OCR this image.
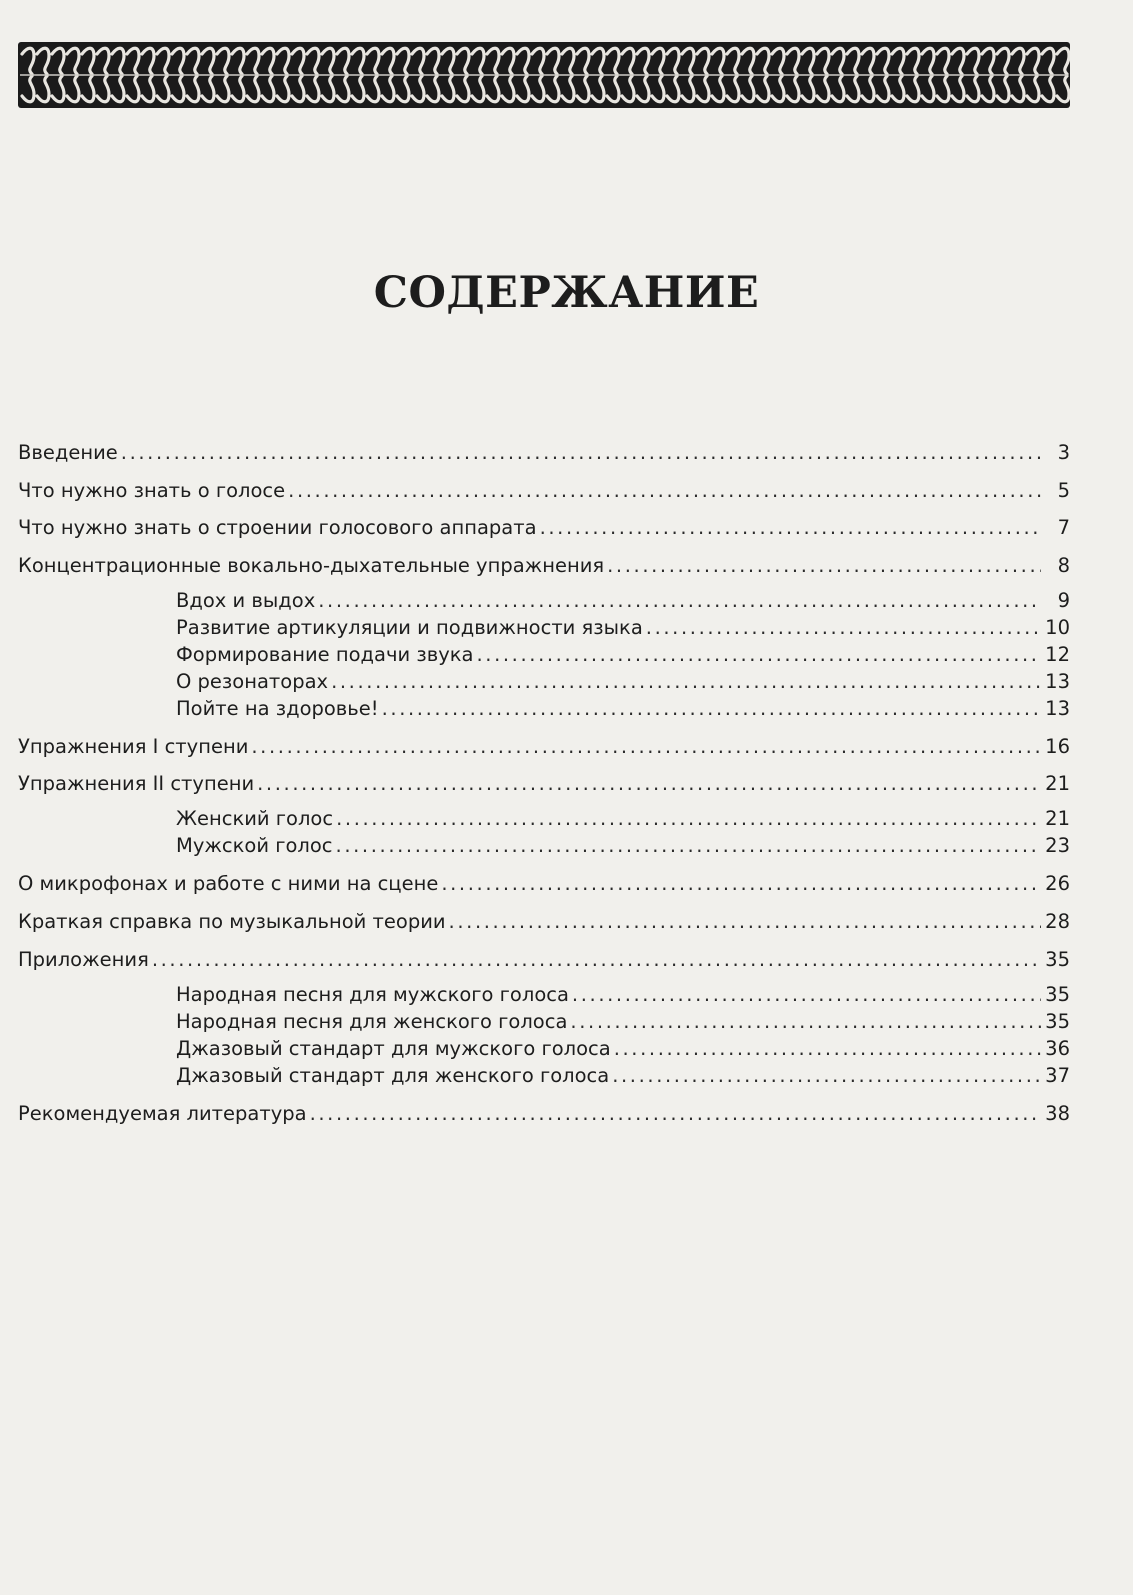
СОДЕРЖАНИЕ
Введение .....	3
Что нужно знать о голосе .....	5
Что нужно знать о строении голосового аппарата .....	7
Концентрационные вокально-дыхательные упражнения .....	8
Вдох и выдох .....	9
Развитие артикуляции и подвижности языка .....	10
Формирование подачи звука .....	12
О резонаторах .....	13
Пойте на здоровье! .....	13
Упражнения I ступени .....	16
Упражнения II ступени .....	21
Женский голос .....	21
Мужской голос .....	23
О микрофонах и работе с ними на сцене .....	26
Краткая справка по музыкальной теории .....	28
Приложения .....	35
Народная песня для мужского голоса .....	35
Народная песня для женского голоса .....	35
Джазовый стандарт для мужского голоса .....	36
Джазовый стандарт для женского голоса .....	37
Рекомендуемая литература .....	38
